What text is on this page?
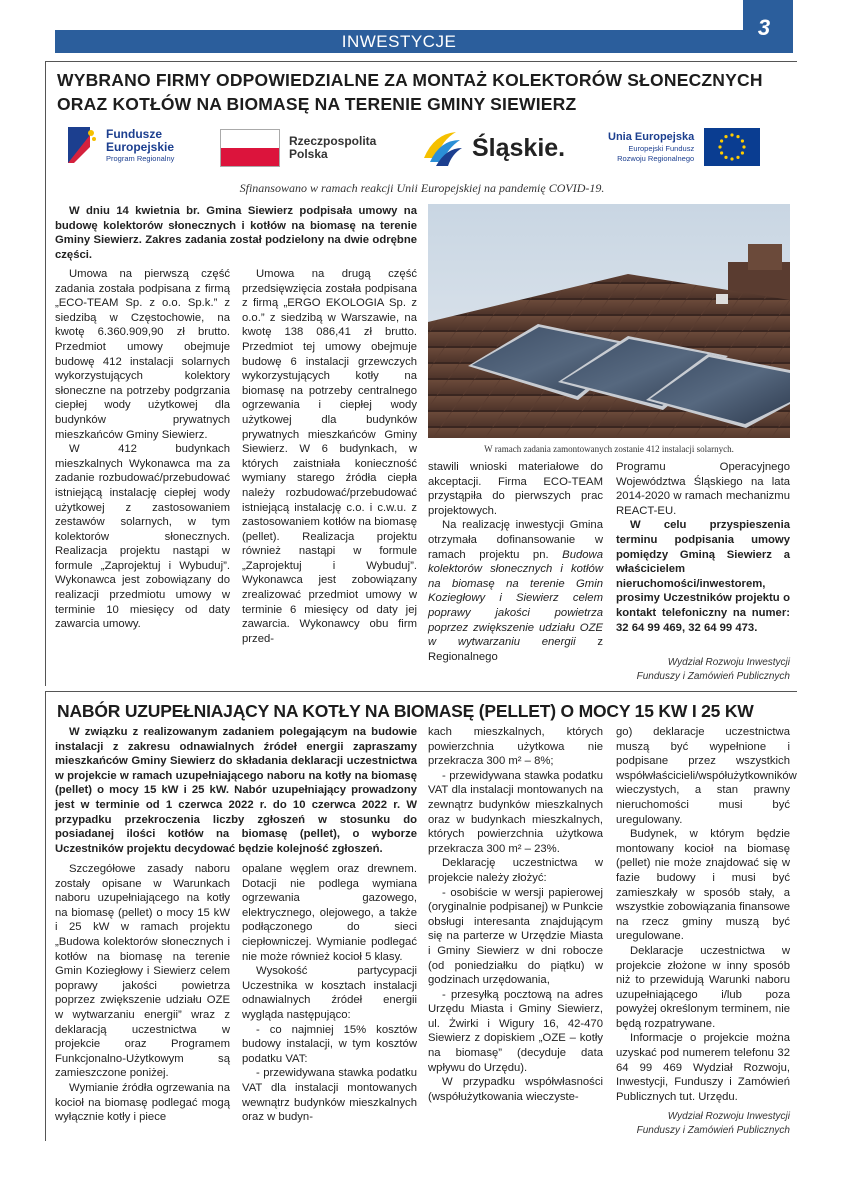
INWESTYCJE
3
WYBRANO FIRMY ODPOWIEDZIALNE ZA MONTAŻ KOLEKTORÓW SŁONECZNYCH ORAZ KOTŁÓW NA BIOMASĘ NA TERENIE GMINY SIEWIERZ
Fundusze
Europejskie
Program Regionalny
Rzeczpospolita
Polska	Śląskie.	Unia Europejska
Europejski Fundusz
Rozwoju Regionalnego
Sfinansowano w ramach reakcji Unii Europejskiej na pandemię COVID-19.
W dniu 14 kwietnia br. Gmina Siewierz podpisała umowy na budowę kolektorów słonecznych i kotłów na biomasę na terenie Gminy Siewierz. Zakres zadania został podzielony na dwie odrębne części.

Umowa na pierwszą część zadania została podpisana z firmą „ECO-TEAM Sp. z o.o. Sp.k.” z siedzibą w Częstochowie, na kwotę 6.360.909,90 zł brutto. Przedmiot umowy obejmuje budowę 412 instalacji solarnych wykorzystujących kolektory słoneczne na potrzeby podgrzania ciepłej wody użytkowej dla budynków prywatnych mieszkańców Gminy Siewierz.

W 412 budynkach mieszkalnych Wykonawca ma za zadanie rozbudować/przebudować istniejącą instalację ciepłej wody użytkowej z zastosowaniem zestawów solarnych, w tym kolektorów słonecznych. Realizacja projektu nastąpi w formule „Zaprojektuj i Wybuduj”. Wykonawca jest zobowiązany do realizacji przedmiotu umowy w terminie 10 miesięcy od daty zawarcia umowy.

Umowa na drugą część przedsięwzięcia została podpisana z firmą „ERGO EKOLOGIA Sp. z o.o.” z siedzibą w Warszawie, na kwotę 138 086,41 zł brutto. Przedmiot tej umowy obejmuje budowę 6 instalacji grzewczych wykorzystujących kotły na biomasę na potrzeby centralnego ogrzewania i ciepłej wody użytkowej dla budynków prywatnych mieszkańców Gminy Siewierz. W 6 budynkach, w których zaistniała konieczność wymiany starego źródła ciepła należy rozbudować/przebudować istniejącą instalację c.o. i c.w.u. z zastosowaniem kotłów na biomasę (pellet). Realizacja projektu również nastąpi w formule „Zaprojektuj i Wybuduj”. Wykonawca jest zobowiązany zrealizować przedmiot umowy w terminie 6 miesięcy od daty jej zawarcia. Wykonawcy obu firm przed-

W ramach zadania zamontowanych zostanie 412 instalacji solarnych.

stawili wnioski materiałowe do akceptacji. Firma ECO-TEAM przystąpiła do pierwszych prac projektowych.

Na realizację inwestycji Gmina otrzymała dofinansowanie w ramach projektu pn. Budowa kolektorów słonecznych i kotłów na biomasę na terenie Gmin Koziegłowy i Siewierz celem poprawy jakości powietrza poprzez zwiększenie udziału OZE w wytwarzaniu energii z Regionalnego

Programu Operacyjnego Województwa Śląskiego na lata 2014-2020 w ramach mechanizmu REACT-EU.

W celu przyspieszenia terminu podpisania umowy pomiędzy Gminą Siewierz a właścicielem nieruchomości/inwestorem, prosimy Uczestników projektu o kontakt telefoniczny na numer: 32 64 99 469, 32 64 99 473.

Wydział Rozwoju Inwestycji
Funduszy i Zamówień Publicznych
NABÓR UZUPEŁNIAJĄCY NA KOTŁY NA BIOMASĘ (PELLET) O MOCY 15 KW I 25 KW
W związku z realizowanym zadaniem polegającym na budowie instalacji z zakresu odnawialnych źródeł energii zapraszamy mieszkańców Gminy Siewierz do składania deklaracji uczestnictwa w projekcie w ramach uzupełniającego naboru na kotły na biomasę (pellet) o mocy 15 kW i 25 kW. Nabór uzupełniający prowadzony jest w terminie od 1 czerwca 2022 r. do 10 czerwca 2022 r. W przypadku przekroczenia liczby zgłoszeń w stosunku do posiadanej ilości kotłów na biomasę (pellet), o wyborze Uczestników projektu decydować będzie kolejność zgłoszeń.

Szczegółowe zasady naboru zostały opisane w Warunkach naboru uzupełniającego na kotły na biomasę (pellet) o mocy 15 kW i 25 kW w ramach projektu „Budowa kolektorów słonecznych i kotłów na biomasę na terenie Gmin Koziegłowy i Siewierz celem poprawy jakości powietrza poprzez zwiększenie udziału OZE w wytwarzaniu energii” wraz z deklaracją uczestnictwa w projekcie oraz Programem Funkcjonalno-Użytkowym są zamieszczone poniżej.

Wymianie źródła ogrzewania na kocioł na biomasę podlegać mogą wyłącznie kotły i piece

opalane węglem oraz drewnem. Dotacji nie podlega wymiana ogrzewania gazowego, elektrycznego, olejowego, a także podłączonego do sieci ciepłowniczej. Wymianie podlegać nie może również kocioł 5 klasy.

Wysokość partycypacji Uczestnika w kosztach instalacji odnawialnych źródeł energii wygląda następująco:

- co najmniej 15% kosztów budowy instalacji, w tym kosztów podatku VAT:

- przewidywana stawka podatku VAT dla instalacji montowanych wewnątrz budynków mieszkalnych oraz w budyn-

kach mieszkalnych, których powierzchnia użytkowa nie przekracza 300 m² – 8%;

- przewidywana stawka podatku VAT dla instalacji montowanych na zewnątrz budynków mieszkalnych oraz w budynkach mieszkalnych, których powierzchnia użytkowa przekracza 300 m² – 23%.

Deklarację uczestnictwa w projekcie należy złożyć:

- osobiście w wersji papierowej (oryginalnie podpisanej) w Punkcie obsługi interesanta znajdującym się na parterze w Urzędzie Miasta i Gminy Siewierz w dni robocze (od poniedziałku do piątku) w godzinach urzędowania,

- przesyłką pocztową na adres Urzędu Miasta i Gminy Siewierz, ul. Żwirki i Wigury 16, 42-470 Siewierz z dopiskiem „OZE – kotły na biomasę” (decyduje data wpływu do Urzędu).

W przypadku współwłasności (współużytkowania wieczyste-

go) deklaracje uczestnictwa muszą być wypełnione i podpisane przez wszystkich współwłaścicieli/współużytkowników wieczystych, a stan prawny nieruchomości musi być uregulowany.

Budynek, w którym będzie montowany kocioł na biomasę (pellet) nie może znajdować się w fazie budowy i musi być zamieszkały w sposób stały, a wszystkie zobowiązania finansowe na rzecz gminy muszą być uregulowane.

Deklaracje uczestnictwa w projekcie złożone w inny sposób niż to przewidują Warunki naboru uzupełniającego i/lub poza powyżej określonym terminem, nie będą rozpatrywane.

Informacje o projekcie można uzyskać pod numerem telefonu 32 64 99 469 Wydział Rozwoju, Inwestycji, Funduszy i Zamówień Publicznych tut. Urzędu.

Wydział Rozwoju Inwestycji
Funduszy i Zamówień Publicznych
